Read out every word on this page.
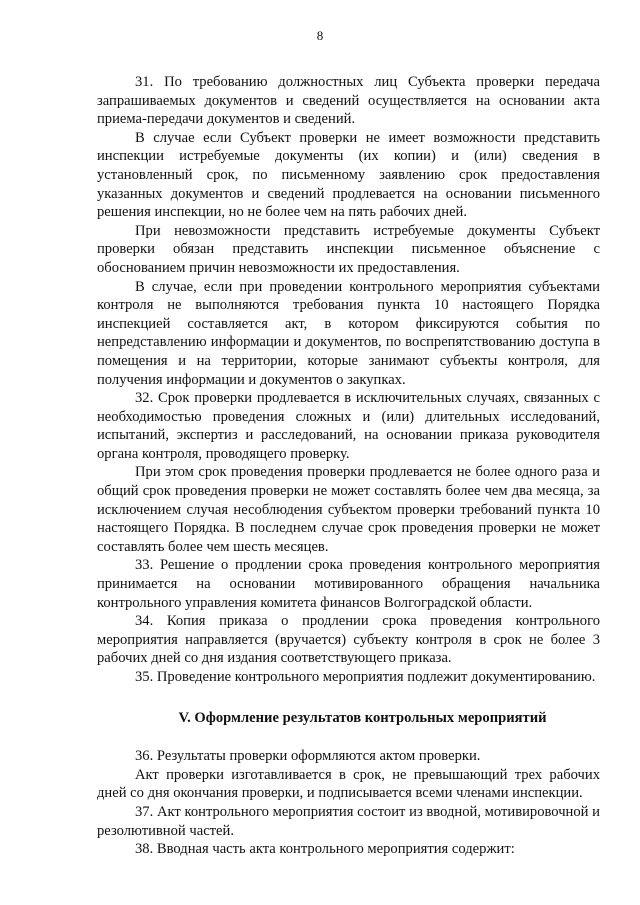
8

31. По требованию должностных лиц Субъекта проверки передача запрашиваемых документов и сведений осуществляется на основании акта приема-передачи документов и сведений.

В случае если Субъект проверки не имеет возможности представить инспекции истребуемые документы (их копии) и (или) сведения в установленный срок, по письменному заявлению срок предоставления указанных документов и сведений продлевается на основании письменного решения инспекции, но не более чем на пять рабочих дней.

При невозможности представить истребуемые документы Субъект проверки обязан представить инспекции письменное объяснение с обоснованием причин невозможности их предоставления.

В случае, если при проведении контрольного мероприятия субъектами контроля не выполняются требования пункта 10 настоящего Порядка инспекцией составляется акт, в котором фиксируются события по непредставлению информации и документов, по воспрепятствованию доступа в помещения и на территории, которые занимают субъекты контроля, для получения информации и документов о закупках.

32. Срок проверки продлевается в исключительных случаях, связанных с необходимостью проведения сложных и (или) длительных исследований, испытаний, экспертиз и расследований, на основании приказа руководителя органа контроля, проводящего проверку.

При этом срок проведения проверки продлевается не более одного раза и общий срок проведения проверки не может составлять более чем два месяца, за исключением случая несоблюдения субъектом проверки требований пункта 10 настоящего Порядка. В последнем случае срок проведения проверки не может составлять более чем шесть месяцев.

33. Решение о продлении срока проведения контрольного мероприятия принимается на основании мотивированного обращения начальника контрольного управления комитета финансов Волгоградской области.

34. Копия приказа о продлении срока проведения контрольного мероприятия направляется (вручается) субъекту контроля в срок не более 3 рабочих дней со дня издания соответствующего приказа.

35. Проведение контрольного мероприятия подлежит документированию.

V. Оформление результатов контрольных мероприятий

36. Результаты проверки оформляются актом проверки.

Акт проверки изготавливается в срок, не превышающий трех рабочих дней со дня окончания проверки, и подписывается всеми членами инспекции.

37. Акт контрольного мероприятия состоит из вводной, мотивировочной и резолютивной частей.

38. Вводная часть акта контрольного мероприятия содержит:
